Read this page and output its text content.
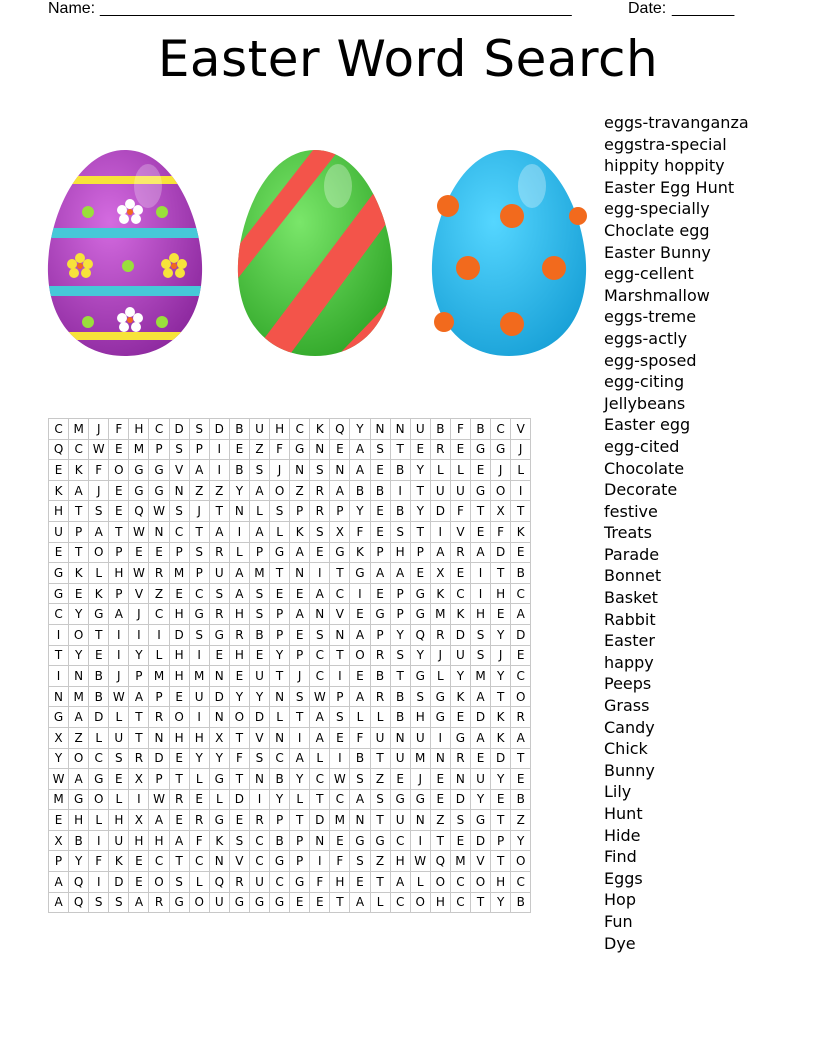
Name: _____________________________________________________	Date: _______
Easter Word Search
C	M	J	F	H	C	D	S	D	B	U	H	C	K	Q	Y	N	N	U	B	F	B	C	V
Q	C	W	E	M	P	S	P	I	E	Z	F	G	N	E	A	S	T	E	R	E	G	G	J
E	K	F	O	G	G	V	A	I	B	S	J	N	S	N	A	E	B	Y	L	L	E	J	L
K	A	J	E	G	G	N	Z	Z	Y	A	O	Z	R	A	B	B	I	T	U	U	G	O	I
H	T	S	E	Q	W	S	J	T	N	L	S	P	R	P	Y	E	B	Y	D	F	T	X	T
U	P	A	T	W	N	C	T	A	I	A	L	K	S	X	F	E	S	T	I	V	E	F	K
E	T	O	P	E	E	P	S	R	L	P	G	A	E	G	K	P	H	P	A	R	A	D	E
G	K	L	H	W	R	M	P	U	A	M	T	N	I	T	G	A	A	E	X	E	I	T	B
G	E	K	P	V	Z	E	C	S	A	S	E	E	A	C	I	E	P	G	K	C	I	H	C
C	Y	G	A	J	C	H	G	R	H	S	P	A	N	V	E	G	P	G	M	K	H	E	A
I	O	T	I	I	I	D	S	G	R	B	P	E	S	N	A	P	Y	Q	R	D	S	Y	D
T	Y	E	I	Y	L	H	I	E	H	E	Y	P	C	T	O	R	S	Y	J	U	S	J	E
I	N	B	J	P	M	H	M	N	E	U	T	J	C	I	E	B	T	G	L	Y	M	Y	C
N	M	B	W	A	P	E	U	D	Y	Y	N	S	W	P	A	R	B	S	G	K	A	T	O
G	A	D	L	T	R	O	I	N	O	D	L	T	A	S	L	L	B	H	G	E	D	K	R
X	Z	L	U	T	N	H	H	X	T	V	N	I	A	E	F	U	N	U	I	G	A	K	A
Y	O	C	S	R	D	E	Y	Y	F	S	C	A	L	I	B	T	U	M	N	R	E	D	T
W	A	G	E	X	P	T	L	G	T	N	B	Y	C	W	S	Z	E	J	E	N	U	Y	E
M	G	O	L	I	W	R	E	L	D	I	Y	L	T	C	A	S	G	G	E	D	Y	E	B
E	H	L	H	X	A	E	R	G	E	R	P	T	D	M	N	T	U	N	Z	S	G	T	Z
X	B	I	U	H	H	A	F	K	S	C	B	P	N	E	G	G	C	I	T	E	D	P	Y
P	Y	F	K	E	C	T	C	N	V	C	G	P	I	F	S	Z	H	W	Q	M	V	T	O
A	Q	I	D	E	O	S	L	Q	R	U	C	G	F	H	E	T	A	L	O	C	O	H	C
A	Q	S	S	A	R	G	O	U	G	G	G	E	E	T	A	L	C	O	H	C	T	Y	B
eggs-travanganza
eggstra-special
hippity hoppity
Easter Egg Hunt
egg-specially
Choclate egg
Easter Bunny
egg-cellent
Marshmallow
eggs-treme
eggs-actly
egg-sposed
egg-citing
Jellybeans
Easter egg
egg-cited
Chocolate
Decorate
festive
Treats
Parade
Bonnet
Basket
Rabbit
Easter
happy
Peeps
Grass
Candy
Chick
Bunny
Lily
Hunt
Hide
Find
Eggs
Hop
Fun
Dye
